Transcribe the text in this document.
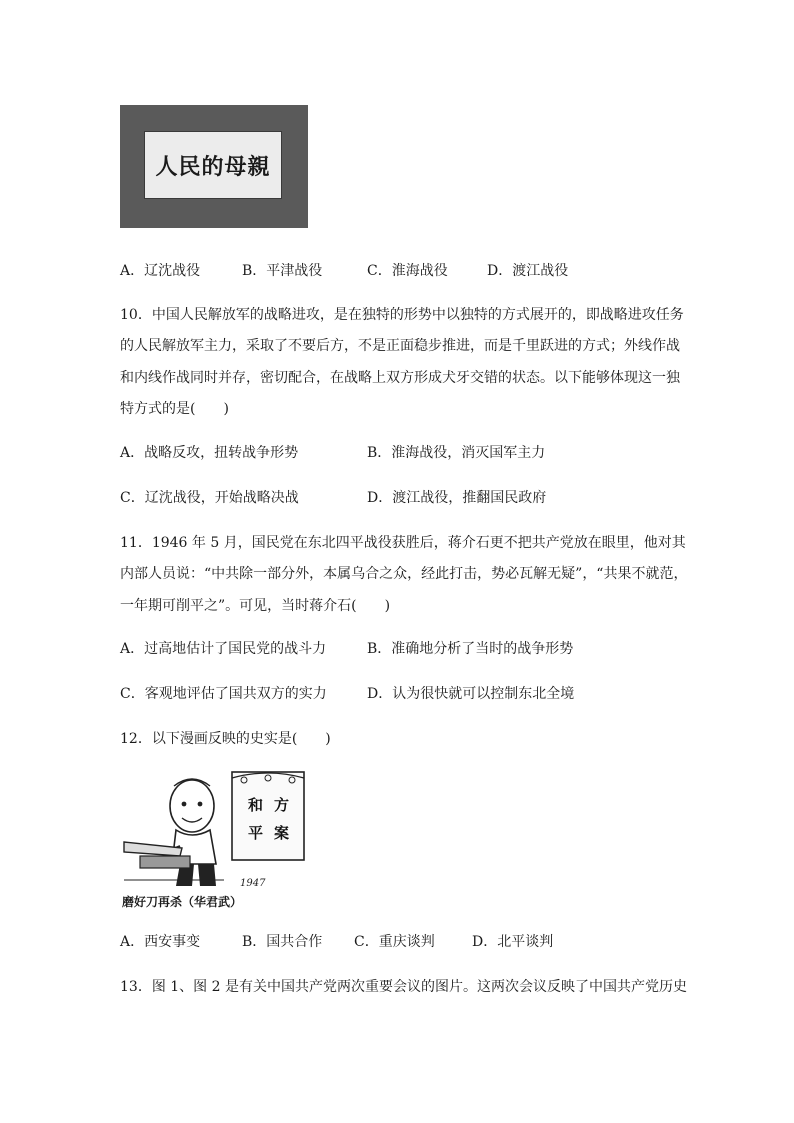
人民的母親
A．辽沈战役	B．平津战役	C．淮海战役	D．渡江战役
10．中国人民解放军的战略进攻，是在独特的形势中以独特的方式展开的，即战略进攻任务
的人民解放军主力，采取了不要后方，不是正面稳步推进，而是千里跃进的方式；外线作战
和内线作战同时并存，密切配合，在战略上双方形成犬牙交错的状态。以下能够体现这一独
特方式的是(　　)
A．战略反攻，扭转战争形势	B．淮海战役，消灭国军主力
C．辽沈战役，开始战略决战	D．渡江战役，推翻国民政府
11．1946 年 5 月，国民党在东北四平战役获胜后，蒋介石更不把共产党放在眼里，他对其
内部人员说：“中共除一部分外，本属乌合之众，经此打击，势必瓦解无疑”，“共果不就范，
一年期可削平之”。可见，当时蒋介石(　　)
A．过高地估计了国民党的战斗力	B．准确地分析了当时的战争形势
C．客观地评估了国共双方的实力	D．认为很快就可以控制东北全境
12．以下漫画反映的史实是(　　)
和 方
平 案
1947
磨好刀再杀（华君武）
A．西安事变	B．国共合作 C．重庆谈判	D．北平谈判
13．图 1、图 2 是有关中国共产党两次重要会议的图片。这两次会议反映了中国共产党历史
